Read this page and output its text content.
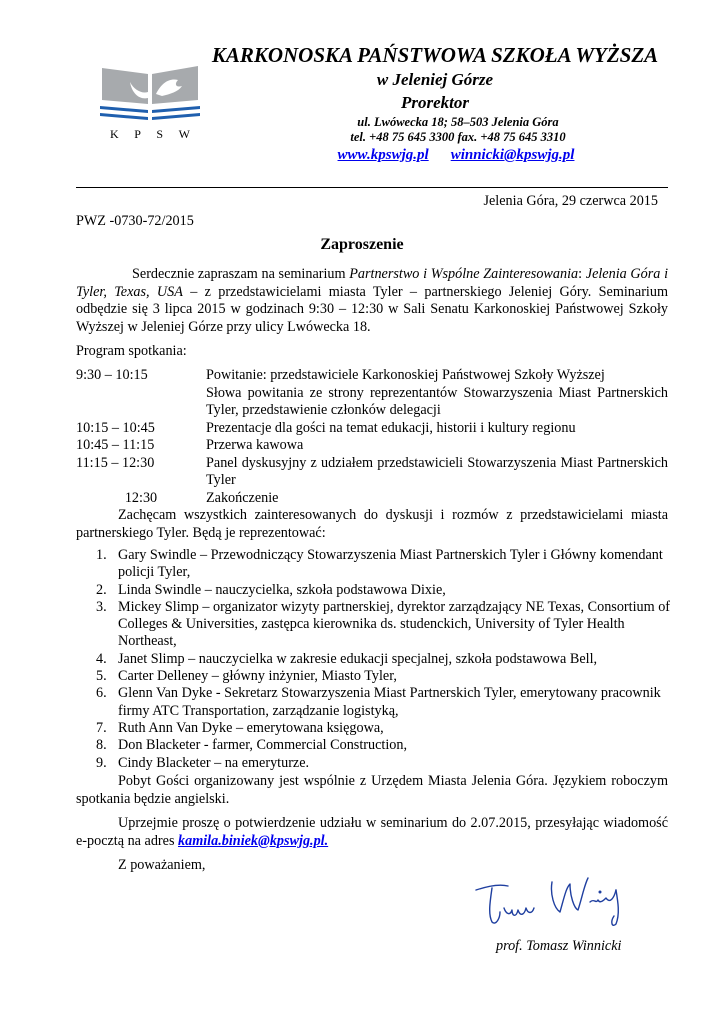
K P S W
KARKONOSKA PAŃSTWOWA SZKOŁA WYŻSZA
w Jeleniej Górze
Prorektor
ul. Lwówecka 18; 58–503 Jelenia Góra
tel. +48 75 645 3300 fax. +48 75 645 3310
www.kpswjg.pl winnicki@kpswjg.pl
Jelenia Góra, 29 czerwca 2015
PWZ -0730-72/2015
Zaproszenie
Serdecznie zapraszam na seminarium Partnerstwo i Wspólne Zainteresowania: Jelenia Góra i Tyler, Texas, USA – z przedstawicielami miasta Tyler – partnerskiego Jeleniej Góry. Seminarium odbędzie się 3 lipca 2015 w godzinach 9:30 – 12:30 w Sali Senatu Karkonoskiej Państwowej Szkoły Wyższej w Jeleniej Górze przy ulicy Lwówecka 18.
Program spotkania:
9:30 – 10:15	Powitanie: przedstawiciele Karkonoskiej Państwowej Szkoły Wyższej
Słowa powitania ze strony reprezentantów Stowarzyszenia Miast Partnerskich Tyler, przedstawienie członków delegacji
10:15 – 10:45	Prezentacje dla gości na temat edukacji, historii i kultury regionu
10:45 – 11:15	Przerwa kawowa
11:15 – 12:30	Panel dyskusyjny z udziałem przedstawicieli Stowarzyszenia Miast Partnerskich Tyler
12:30	Zakończenie
Zachęcam wszystkich zainteresowanych do dyskusji i rozmów z przedstawicielami miasta partnerskiego Tyler. Będą je reprezentować:
1. Gary Swindle – Przewodniczący Stowarzyszenia Miast Partnerskich Tyler i Główny komendant policji Tyler,
2. Linda Swindle – nauczycielka, szkoła podstawowa Dixie,
3. Mickey Slimp – organizator wizyty partnerskiej, dyrektor zarządzający NE Texas, Consortium of Colleges & Universities, zastępca kierownika ds. studenckich, University of Tyler Health Northeast,
4. Janet Slimp – nauczycielka w zakresie edukacji specjalnej, szkoła podstawowa Bell,
5. Carter Delleney – główny inżynier, Miasto Tyler,
6. Glenn Van Dyke - Sekretarz Stowarzyszenia Miast Partnerskich Tyler, emerytowany pracownik firmy ATC Transportation, zarządzanie logistyką,
7. Ruth Ann Van Dyke – emerytowana księgowa,
8. Don Blacketer - farmer, Commercial Construction,
9. Cindy Blacketer – na emeryturze.
Pobyt Gości organizowany jest wspólnie z Urzędem Miasta Jelenia Góra. Językiem roboczym spotkania będzie angielski.
Uprzejmie proszę o potwierdzenie udziału w seminarium do 2.07.2015, przesyłając wiadomość e-pocztą na adres kamila.biniek@kpswjg.pl.
Z poważaniem,
prof. Tomasz Winnicki
